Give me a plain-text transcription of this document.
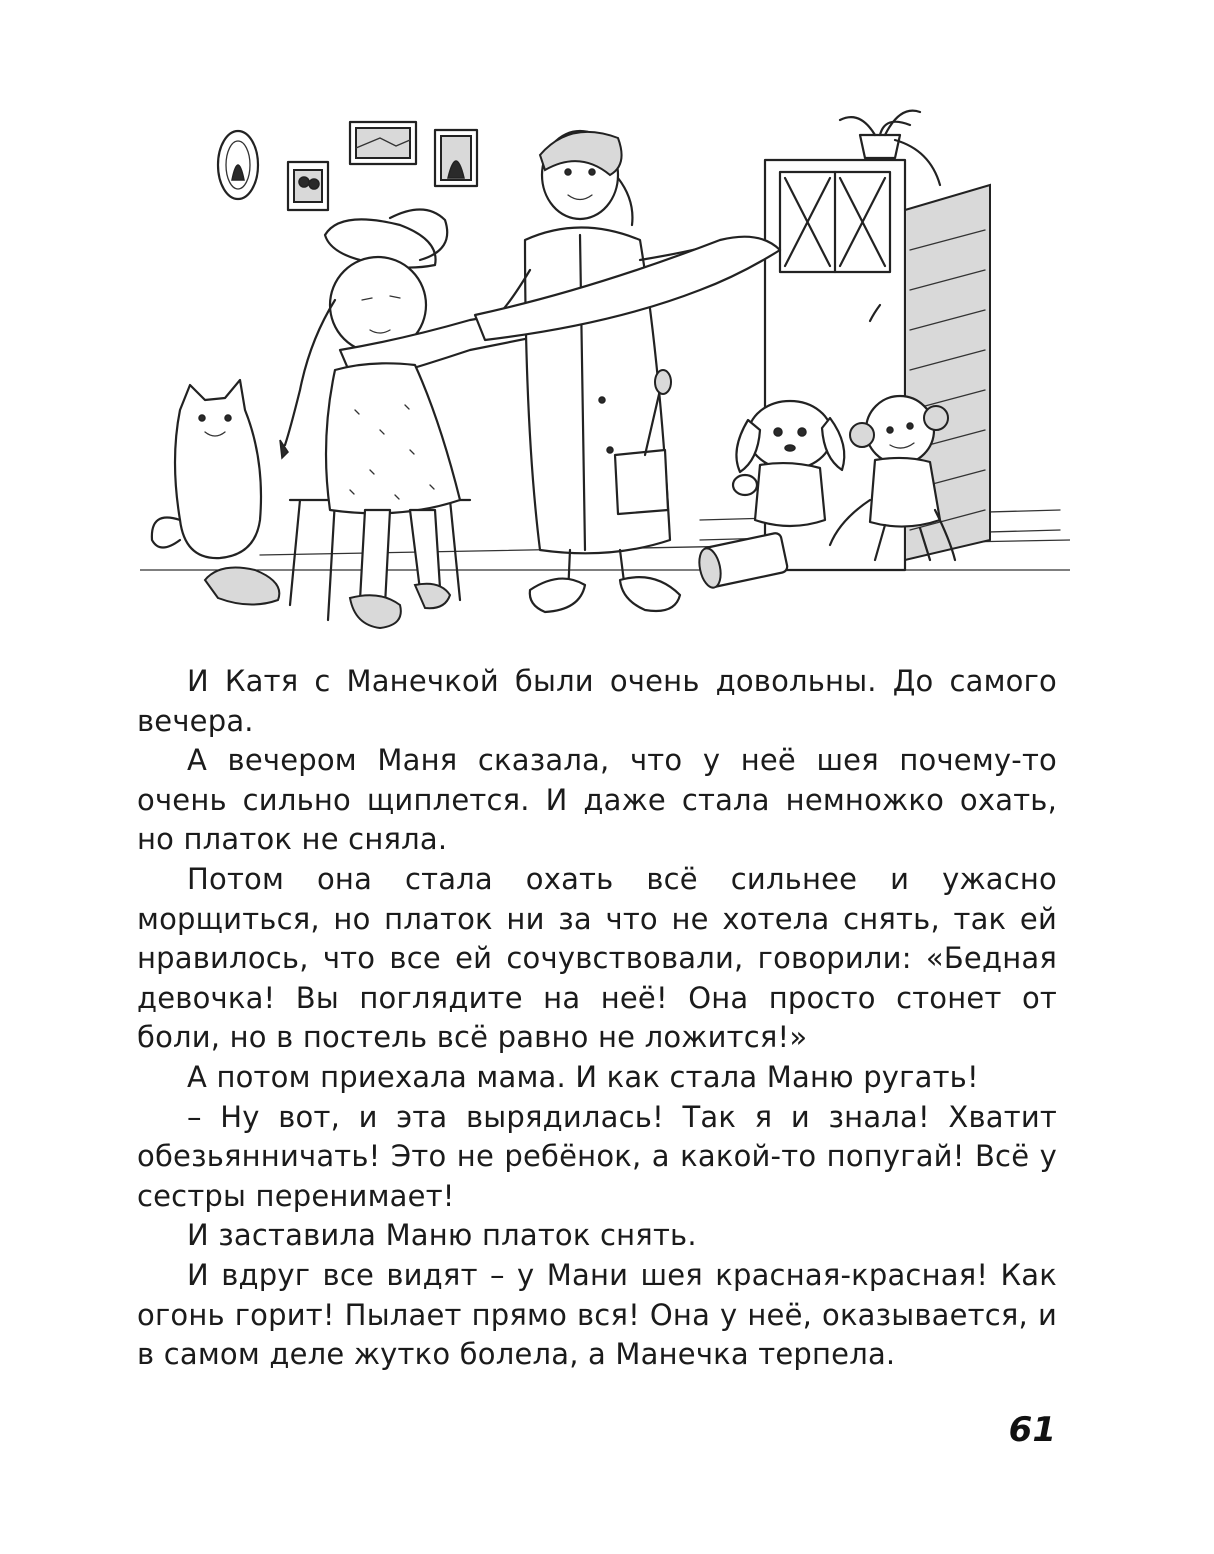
И Катя с Манечкой были очень довольны. До самого вечера.

А вечером Маня сказала, что у неё шея почему-то очень сильно щиплется. И даже стала немножко охать, но платок не сняла.

Потом она стала охать всё сильнее и ужасно морщиться, но платок ни за что не хотела снять, так ей нравилось, что все ей сочувствовали, говорили: «Бедная девочка! Вы поглядите на неё! Она просто стонет от боли, но в постель всё равно не ложится!»

А потом приехала мама. И как стала Маню ругать!

– Ну вот, и эта вырядилась! Так я и знала! Хватит обезьянничать! Это не ребёнок, а какой-то попугай! Всё у сестры перенимает!

И заставила Маню платок снять.

И вдруг все видят – у Мани шея красная-красная! Как огонь горит! Пылает прямо вся! Она у неё, оказывается, и в самом деле жутко болела, а Манечка терпела.

61
